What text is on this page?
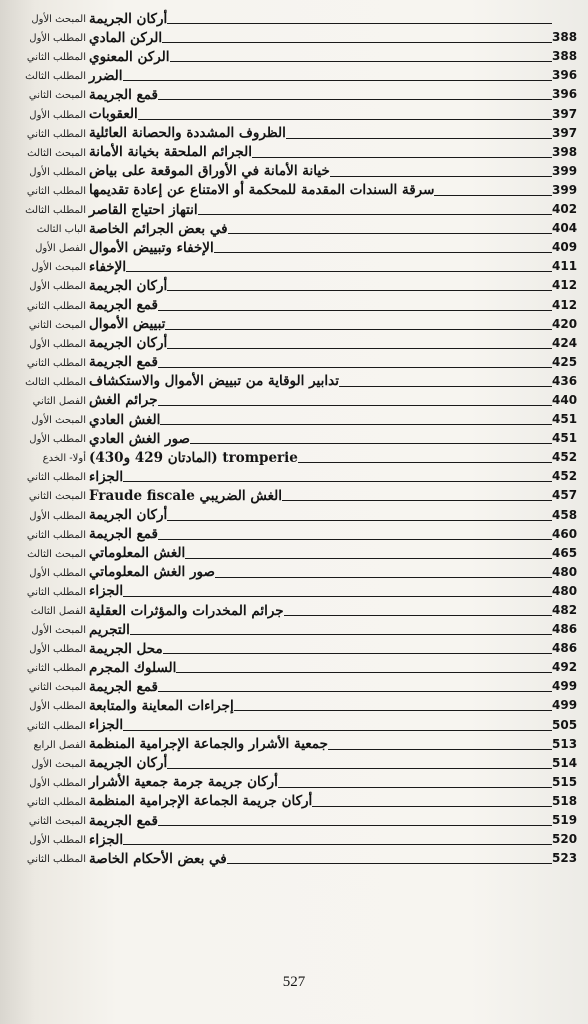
المبحث الأول أركان الجريمة
المطلب الأول الركن المادي	388
المطلب الثاني الركن المعنوي	388
المطلب الثالث الضرر	396
المبحث الثاني قمع الجريمة	396
المطلب الأول العقوبات	397
المطلب الثاني الظروف المشددة والحصانة العائلية	397
المبحث الثالث الجرائم الملحقة بخيانة الأمانة	398
المطلب الأول خيانة الأمانة في الأوراق الموقعة على بياض	399
المطلب الثاني سرقة السندات المقدمة للمحكمة أو الامتناع عن إعادة تقديمها	399
المطلب الثالث انتهاز احتياج القاصر	402
الباب الثالث في بعض الجرائم الخاصة	404
الفصل الأول الإخفاء وتبييض الأموال	409
المبحث الأول الإخفاء	411
المطلب الأول أركان الجريمة	412
المطلب الثاني قمع الجريمة	412
المبحث الثاني تبييض الأموال	420
المطلب الأول أركان الجريمة	424
المطلب الثاني قمع الجريمة	425
المطلب الثالث تدابير الوقاية من تبييض الأموال والاستكشاف	436
الفصل الثاني جرائم الغش	440
المبحث الأول الغش العادي	451
المطلب الأول صور الغش العادي	451
أولا- الخدع tromperie (المادتان 429 و430)	452
المطلب الثاني الجزاء	452
المبحث الثاني الغش الضريبي Fraude fiscale	457
المطلب الأول أركان الجريمة	458
المطلب الثاني قمع الجريمة	460
المبحث الثالث الغش المعلوماتي	465
المطلب الأول صور الغش المعلوماتي	480
المطلب الثاني الجزاء	480
الفصل الثالث جرائم المخدرات والمؤثرات العقلية	482
المبحث الأول التجريم	486
المطلب الأول محل الجريمة	486
المطلب الثاني السلوك المجرم	492
المبحث الثاني قمع الجريمة	499
المطلب الأول إجراءات المعاينة والمتابعة	499
المطلب الثاني الجزاء	505
الفصل الرابع جمعية الأشرار والجماعة الإجرامية المنظمة	513
المبحث الأول أركان الجريمة	514
المطلب الأول أركان جريمة جرمة جمعية الأشرار	515
المطلب الثاني أركان جريمة الجماعة الإجرامية المنظمة	518
المبحث الثاني قمع الجريمة	519
المطلب الأول الجزاء	520
المطلب الثاني في بعض الأحكام الخاصة	523
527
